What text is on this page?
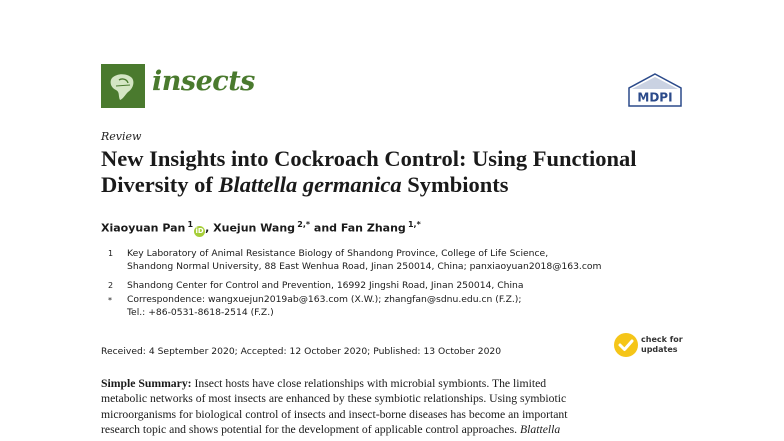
insects
MDPI
Review
New Insights into Cockroach Control: Using Functional
Diversity of Blattella germanica Symbionts
Xiaoyuan Pan  $^1$iD, Xuejun Wang  $^{2,*}$ and Fan Zhang  $^{1,*}$
1 Key Laboratory of Animal Resistance Biology of Shandong Province, College of Life Science,
Shandong Normal University, 88 East Wenhua Road, Jinan 250014, China; panxiaoyuan2018@163.com
2 Shandong Center for Control and Prevention, 16992 Jingshi Road, Jinan 250014, China
* Correspondence: wangxuejun2019ab@163.com (X.W.); zhangfan@sdnu.edu.cn (F.Z.);
Tel.: +86-0531-8618-2514 (F.Z.)
Received: 4 September 2020; Accepted: 12 October 2020; Published: 13 October 2020
check for
updates
Simple Summary: Insect hosts have close relationships with microbial symbionts. The limited
metabolic networks of most insects are enhanced by these symbiotic relationships. Using symbiotic
microorganisms for biological control of insects and insect-borne diseases has become an important
research topic and shows potential for the development of applicable control approaches. Blattella
